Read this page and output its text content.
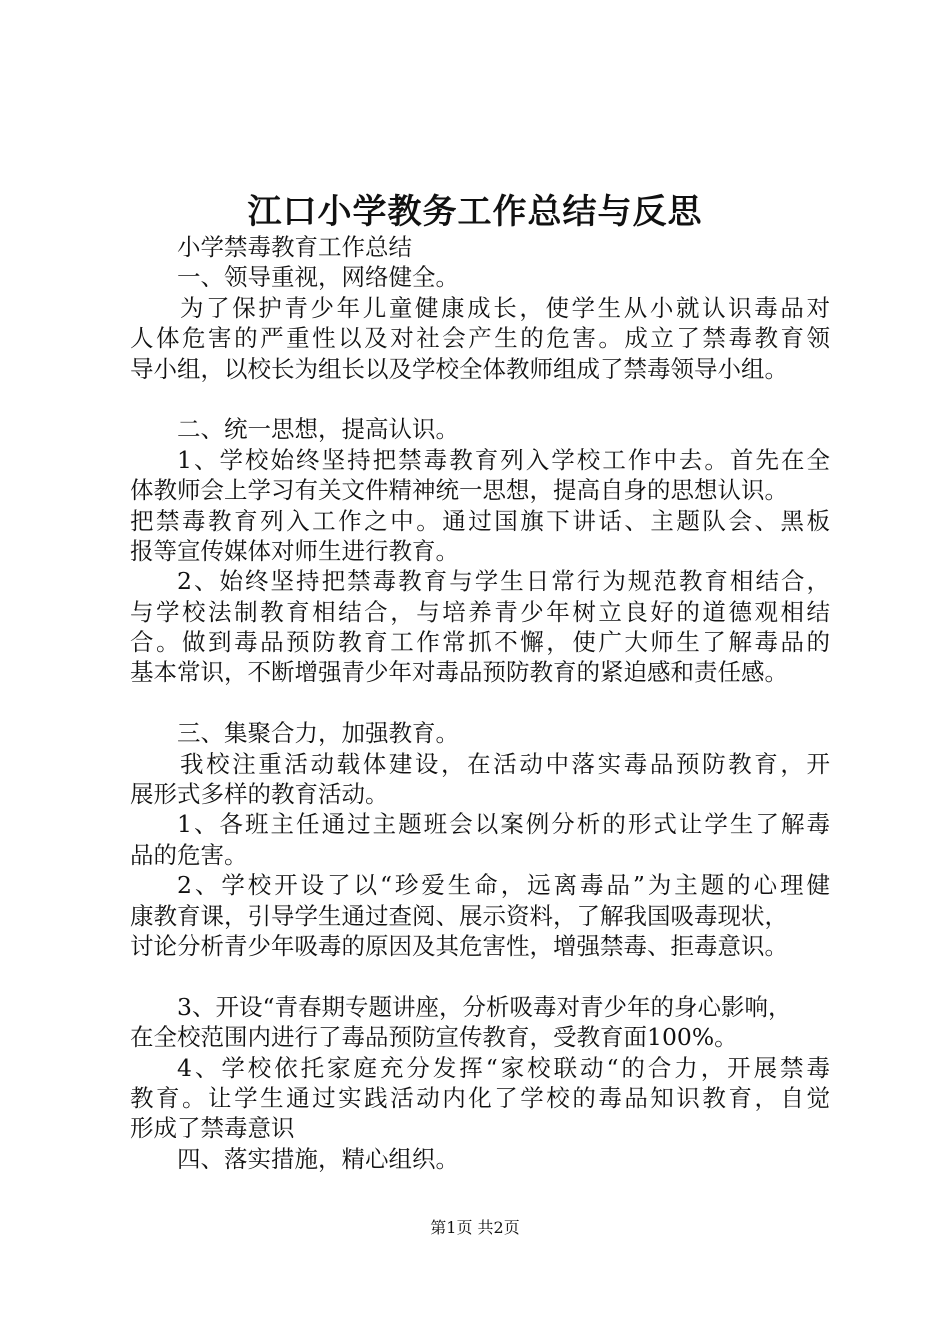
江口小学教务工作总结与反思
小学禁毒教育工作总结
一、领导重视，网络健全。
为了保护青少年儿童健康成长，使学生从小就认识毒品对
人体危害的严重性以及对社会产生的危害。成立了禁毒教育领
导小组，以校长为组长以及学校全体教师组成了禁毒领导小组。
二、统一思想，提高认识。
1、学校始终坚持把禁毒教育列入学校工作中去。首先在全
体教师会上学习有关文件精神统一思想，提高自身的思想认识。
把禁毒教育列入工作之中。通过国旗下讲话、主题队会、黑板
报等宣传媒体对师生进行教育。
2、始终坚持把禁毒教育与学生日常行为规范教育相结合，
与学校法制教育相结合，与培养青少年树立良好的道德观相结
合。做到毒品预防教育工作常抓不懈，使广大师生了解毒品的
基本常识，不断增强青少年对毒品预防教育的紧迫感和责任感。
三、集聚合力，加强教育。
我校注重活动载体建设，在活动中落实毒品预防教育，开
展形式多样的教育活动。
1、各班主任通过主题班会以案例分析的形式让学生了解毒
品的危害。
2、学校开设了以“珍爱生命，远离毒品”为主题的心理健
康教育课，引导学生通过查阅、展示资料，了解我国吸毒现状，
讨论分析青少年吸毒的原因及其危害性，增强禁毒、拒毒意识。
3、开设“青春期专题讲座，分析吸毒对青少年的身心影响，
在全校范围内进行了毒品预防宣传教育，受教育面100%。
4、学校依托家庭充分发挥“家校联动“的合力，开展禁毒
教育。让学生通过实践活动内化了学校的毒品知识教育，自觉
形成了禁毒意识
四、落实措施，精心组织。
第1页 共2页
